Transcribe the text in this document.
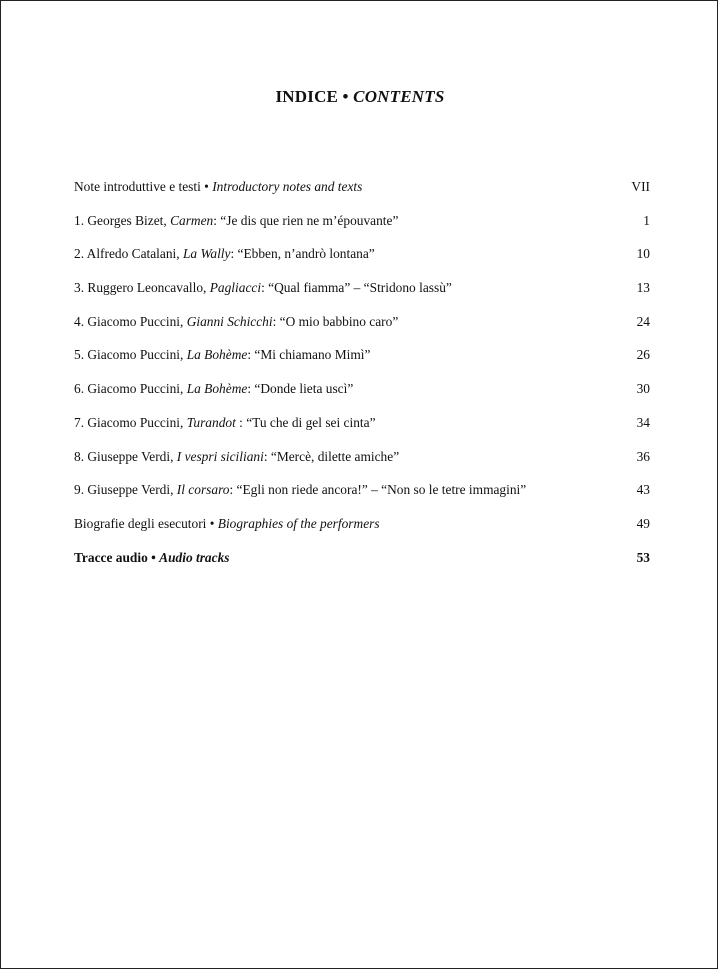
INDICE • CONTENTS
Note introduttive e testi • Introductory notes and texts	VII
1. Georges Bizet, Carmen: “Je dis que rien ne m’épouvante”	1
2. Alfredo Catalani, La Wally: “Ebben, n’andrò lontana”	10
3. Ruggero Leoncavallo, Pagliacci: “Qual fiamma” – “Stridono lassù”	13
4. Giacomo Puccini, Gianni Schicchi: “O mio babbino caro”	24
5. Giacomo Puccini, La Bohème: “Mi chiamano Mimì”	26
6. Giacomo Puccini, La Bohème: “Donde lieta uscì”	30
7. Giacomo Puccini, Turandot : “Tu che di gel sei cinta”	34
8. Giuseppe Verdi, I vespri siciliani: “Mercè, dilette amiche”	36
9. Giuseppe Verdi, Il corsaro: “Egli non riede ancora!” – “Non so le tetre immagini”	43
Biografie degli esecutori • Biographies of the performers	49
Tracce audio • Audio tracks	53
